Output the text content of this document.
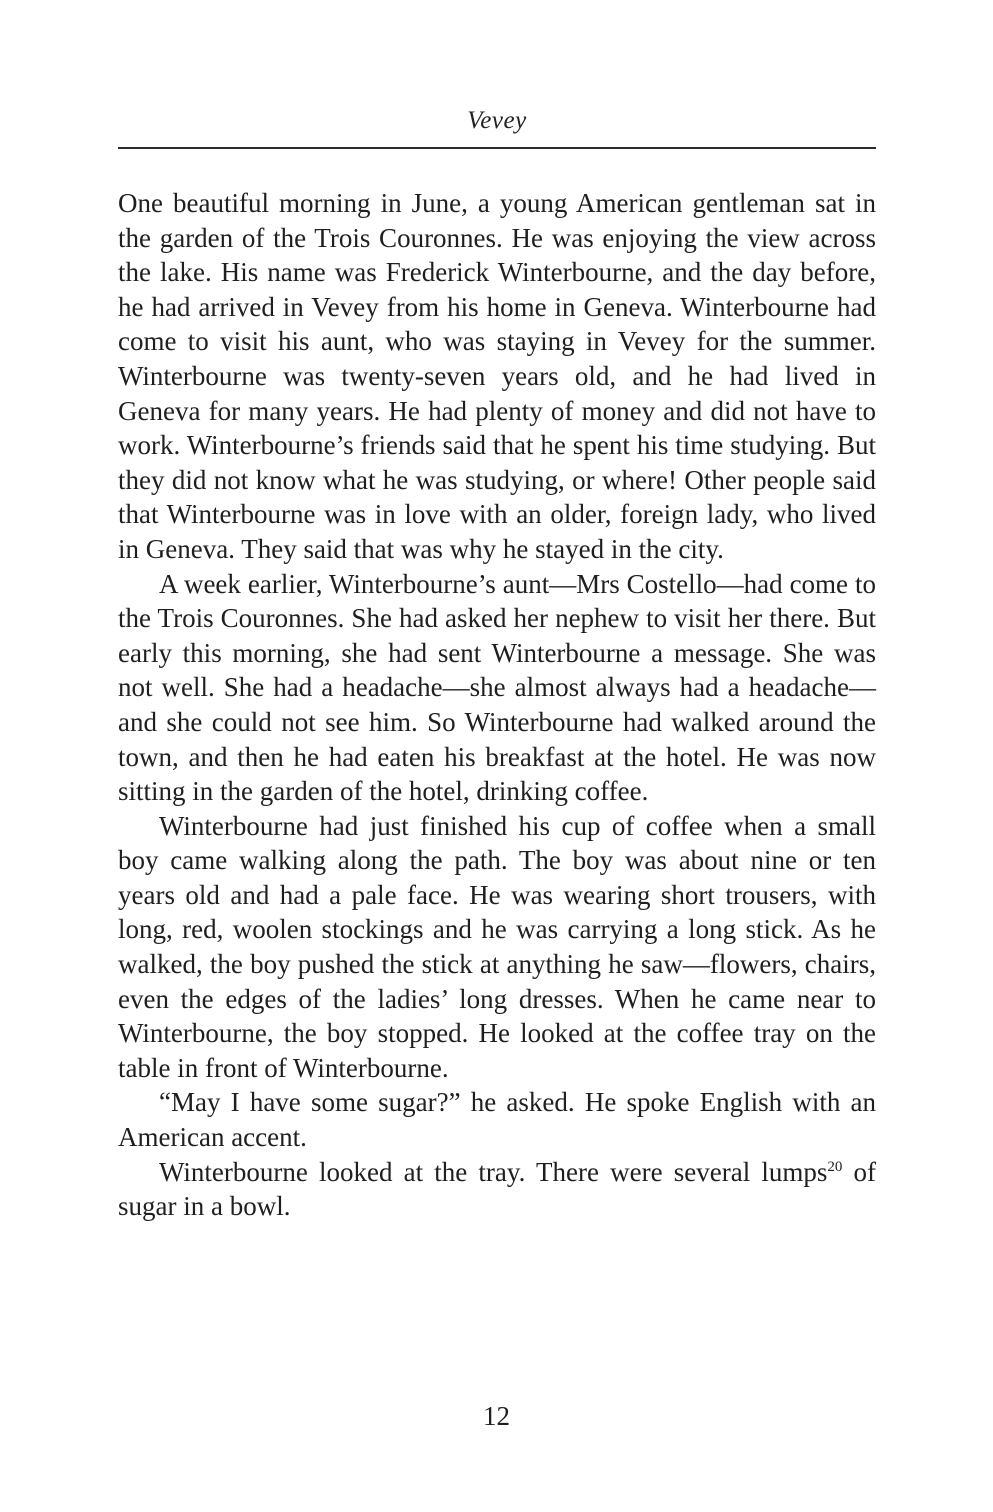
Vevey

One beautiful morning in June, a young American gentleman sat in the garden of the Trois Couronnes. He was enjoying the view across the lake. His name was Frederick Winterbourne, and the day before, he had arrived in Vevey from his home in Geneva. Winterbourne had come to visit his aunt, who was staying in Vevey for the summer. Winterbourne was twenty-seven years old, and he had lived in Geneva for many years. He had plenty of money and did not have to work. Winterbourne’s friends said that he spent his time studying. But they did not know what he was studying, or where! Other people said that Winterbourne was in love with an older, foreign lady, who lived in Geneva. They said that was why he stayed in the city.

A week earlier, Winterbourne’s aunt—Mrs Costello—had come to the Trois Couronnes. She had asked her nephew to visit her there. But early this morning, she had sent Winterbourne a message. She was not well. She had a headache—she almost always had a headache—and she could not see him. So Winterbourne had walked around the town, and then he had eaten his breakfast at the hotel. He was now sitting in the garden of the hotel, drinking coffee.

Winterbourne had just finished his cup of coffee when a small boy came walking along the path. The boy was about nine or ten years old and had a pale face. He was wearing short trousers, with long, red, woolen stockings and he was carrying a long stick. As he walked, the boy pushed the stick at anything he saw—flowers, chairs, even the edges of the ladies’ long dresses. When he came near to Winterbourne, the boy stopped. He looked at the coffee tray on the table in front of Winterbourne.

“May I have some sugar?” he asked. He spoke English with an American accent.

Winterbourne looked at the tray. There were several lumps$^{20}$ of sugar in a bowl.

12
